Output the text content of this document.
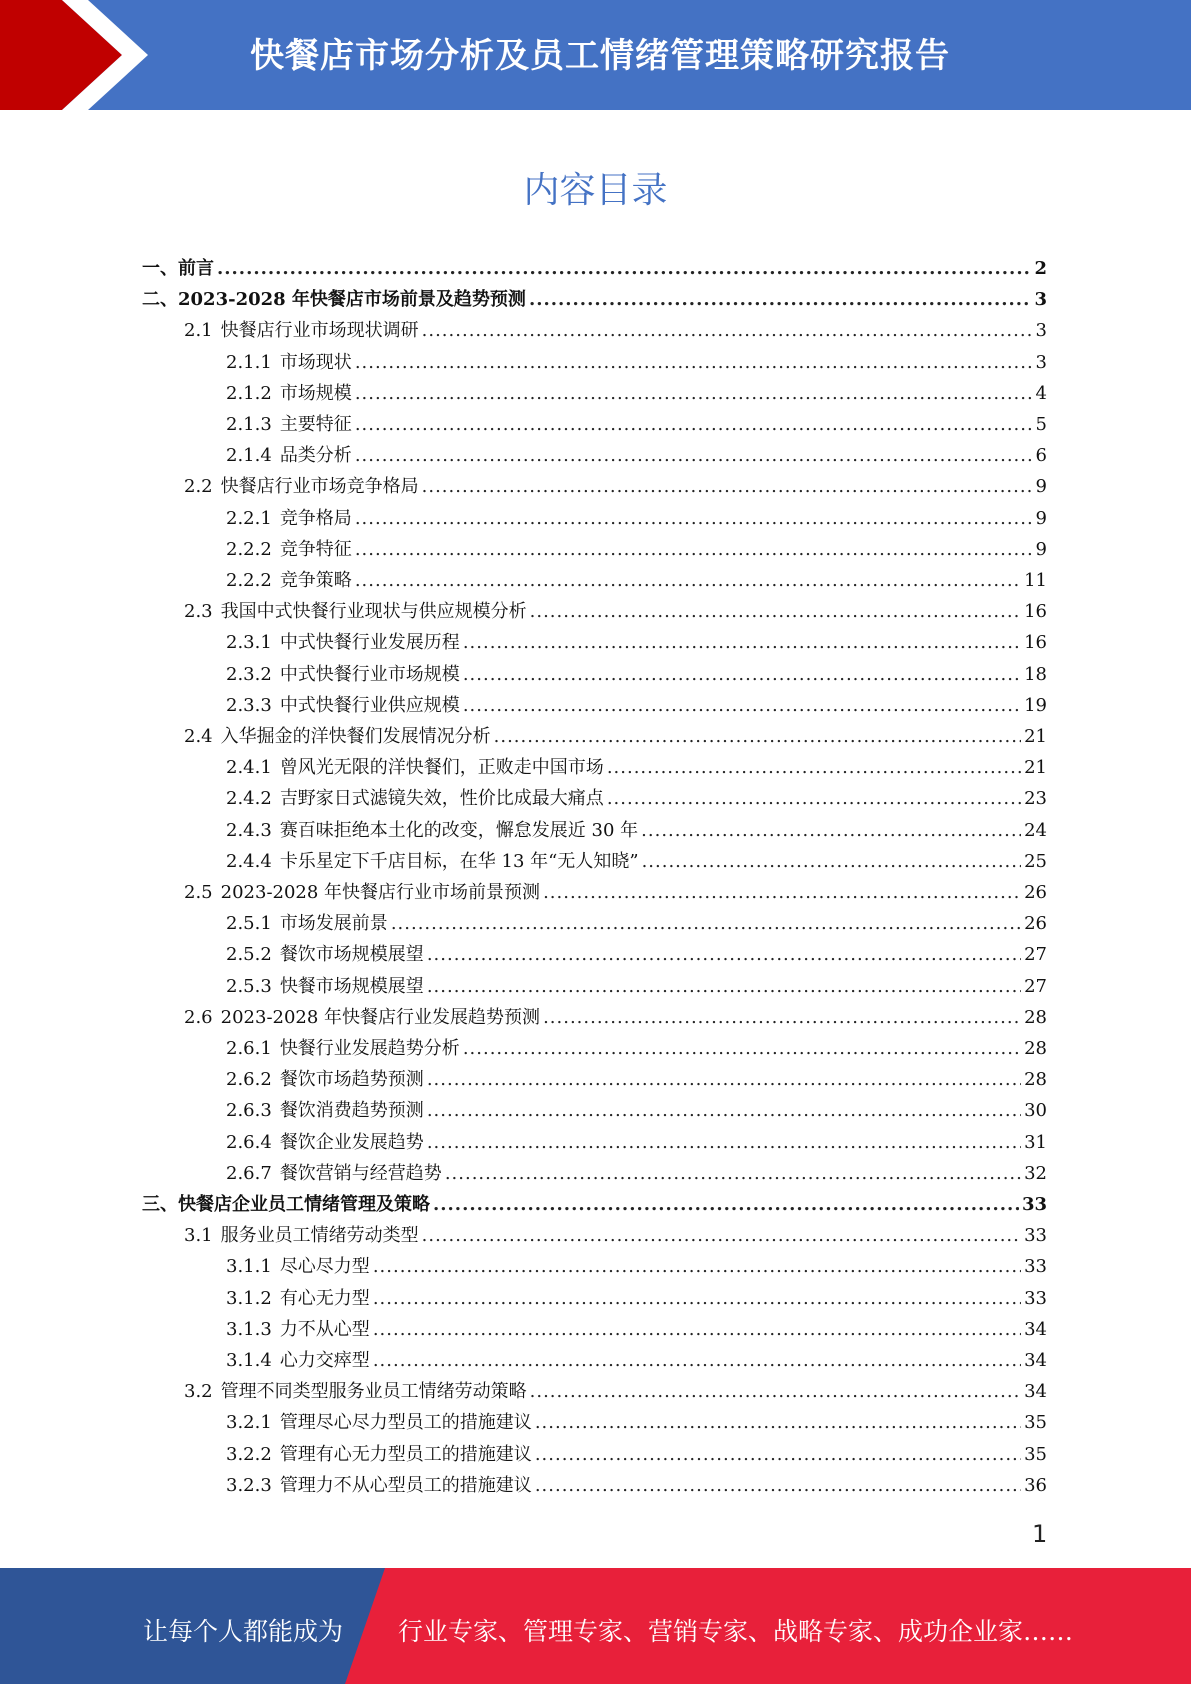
快餐店市场分析及员工情绪管理策略研究报告
内容目录
一、 前言 .....	2
二、 2023-2028 年快餐店市场前景及趋势预测 .....	3
2.1 快餐店行业市场现状调研 .....	3
2.1.1 市场现状 .....	3
2.1.2 市场规模 .....	4
2.1.3 主要特征 .....	5
2.1.4 品类分析 .....	6
2.2 快餐店行业市场竞争格局 .....	9
2.2.1 竞争格局 .....	9
2.2.2 竞争特征 .....	9
2.2.2 竞争策略 .....	11
2.3 我国中式快餐行业现状与供应规模分析 .....	16
2.3.1 中式快餐行业发展历程 .....	16
2.3.2 中式快餐行业市场规模 .....	18
2.3.3 中式快餐行业供应规模 .....	19
2.4 入华掘金的洋快餐们发展情况分析 .....	21
2.4.1 曾风光无限的洋快餐们，正败走中国市场 .....	21
2.4.2 吉野家日式滤镜失效，性价比成最大痛点 .....	23
2.4.3 赛百味拒绝本土化的改变，懈怠发展近 30 年 .....	24
2.4.4 卡乐星定下千店目标，在华 13 年“无人知晓” .....	25
2.5 2023-2028 年快餐店行业市场前景预测 .....	26
2.5.1 市场发展前景 .....	26
2.5.2 餐饮市场规模展望 .....	27
2.5.3 快餐市场规模展望 .....	27
2.6 2023-2028 年快餐店行业发展趋势预测 .....	28
2.6.1 快餐行业发展趋势分析 .....	28
2.6.2 餐饮市场趋势预测 .....	28
2.6.3 餐饮消费趋势预测 .....	30
2.6.4 餐饮企业发展趋势 .....	31
2.6.7 餐饮营销与经营趋势 .....	32
三、 快餐店企业员工情绪管理及策略 .....	33
3.1 服务业员工情绪劳动类型 .....	33
3.1.1 尽心尽力型 .....	33
3.1.2 有心无力型 .....	33
3.1.3 力不从心型 .....	34
3.1.4 心力交瘁型 .....	34
3.2 管理不同类型服务业员工情绪劳动策略 .....	34
3.2.1 管理尽心尽力型员工的措施建议 .....	35
3.2.2 管理有心无力型员工的措施建议 .....	35
3.2.3 管理力不从心型员工的措施建议 .....	36
1
让每个人都能成为 行业专家、管理专家、营销专家、战略专家、成功企业家……
